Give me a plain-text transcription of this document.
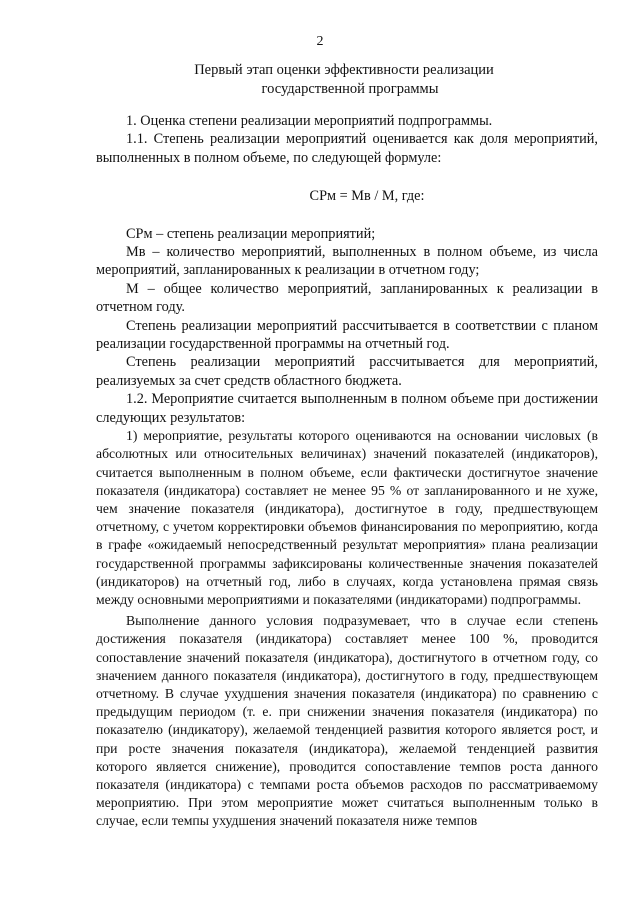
2
Первый этап оценки эффективности реализации
государственной программы

1. Оценка степени реализации мероприятий подпрограммы.

1.1. Степень реализации мероприятий оценивается как доля мероприятий, выполненных в полном объеме, по следующей формуле:

СРм = Мв / М, где:

СРм – степень реализации мероприятий;

Мв – количество мероприятий, выполненных в полном объеме, из числа мероприятий, запланированных к реализации в отчетном году;

М – общее количество мероприятий, запланированных к реализации в отчетном году.

Степень реализации мероприятий рассчитывается в соответствии с планом реализации государственной программы на отчетный год.

Степень реализации мероприятий рассчитывается для мероприятий, реализуемых за счет средств областного бюджета.

1.2. Мероприятие считается выполненным в полном объеме при достижении следующих результатов:

1) мероприятие, результаты которого оцениваются на основании числовых (в абсолютных или относительных величинах) значений показателей (индикаторов), считается выполненным в полном объеме, если фактически достигнутое значение показателя (индикатора) составляет не менее 95 % от запланированного и не хуже, чем значение показателя (индикатора), достигнутое в году, предшествующем отчетному, с учетом корректировки объемов финансирования по мероприятию, когда в графе «ожидаемый непосредственный результат мероприятия» плана реализации государственной программы зафиксированы количественные значения показателей (индикаторов) на отчетный год, либо в случаях, когда установлена прямая связь между основными мероприятиями и показателями (индикаторами) подпрограммы.

Выполнение данного условия подразумевает, что в случае если степень достижения показателя (индикатора) составляет менее 100 %, проводится сопоставление значений показателя (индикатора), достигнутого в отчетном году, со значением данного показателя (индикатора), достигнутого в году, предшествующем отчетному. В случае ухудшения значения показателя (индикатора) по сравнению с предыдущим периодом (т. е. при снижении значения показателя (индикатора) по показателю (индикатору), желаемой тенденцией развития которого является рост, и при росте значения показателя (индикатора), желаемой тенденцией развития которого является снижение), проводится сопоставление темпов роста данного показателя (индикатора) с темпами роста объемов расходов по рассматриваемому мероприятию. При этом мероприятие может считаться выполненным только в случае, если темпы ухудшения значений показателя ниже темпов
